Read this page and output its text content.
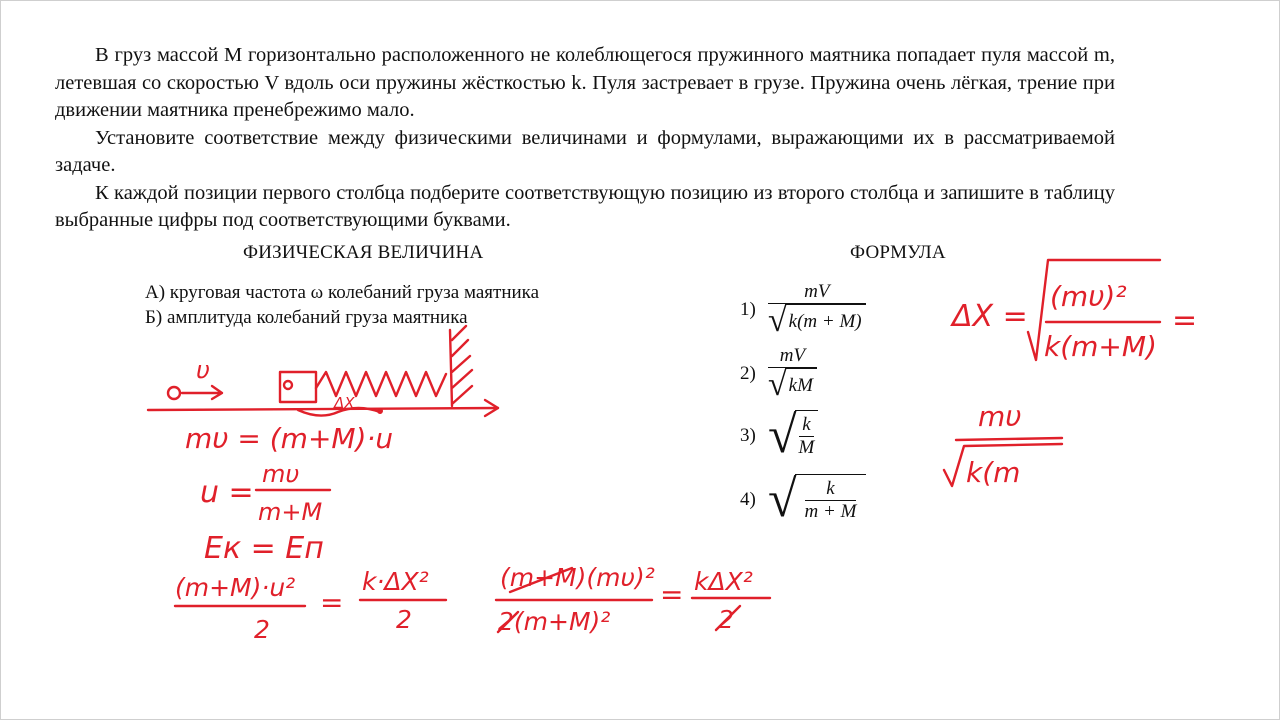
В груз массой M горизонтально расположенного не колеблющегося пружинного маятника попадает пуля массой m, летевшая со скоростью V вдоль оси пружины жёсткостью k. Пуля застревает в грузе. Пружина очень лёгкая, трение при движении маятника пренебрежимо мало.

Установите соответствие между физическими величинами и формулами, выражающими их в рассматриваемой задаче.

К каждой позиции первого столбца подберите соответствующую позицию из второго столбца и запишите в таблицу выбранные цифры под соответствующими буквами.

ФИЗИЧЕСКАЯ ВЕЛИЧИНА	ФОРМУЛА
А) круговая частота ω колебаний груза маятника
Б) амплитуда колебаний груза маятника	$1) \frac{mV}{√ k(m + M)}$
$2) \frac{mV}{√ kM}$
3) √ $\frac{k}{M}$
4) √ $\frac{k}{m + M}$
υ
ΔX
mυ = (m+M)·u
u =
mυ
m+M
Eк = Eп
(m+M)·u²
2
=
k·ΔX²
2
(m+M)(mυ)²
2(m+M)²
= kΔX²
2
ΔX =
(mυ)²
k(m+M)
=
mυ
k(m
